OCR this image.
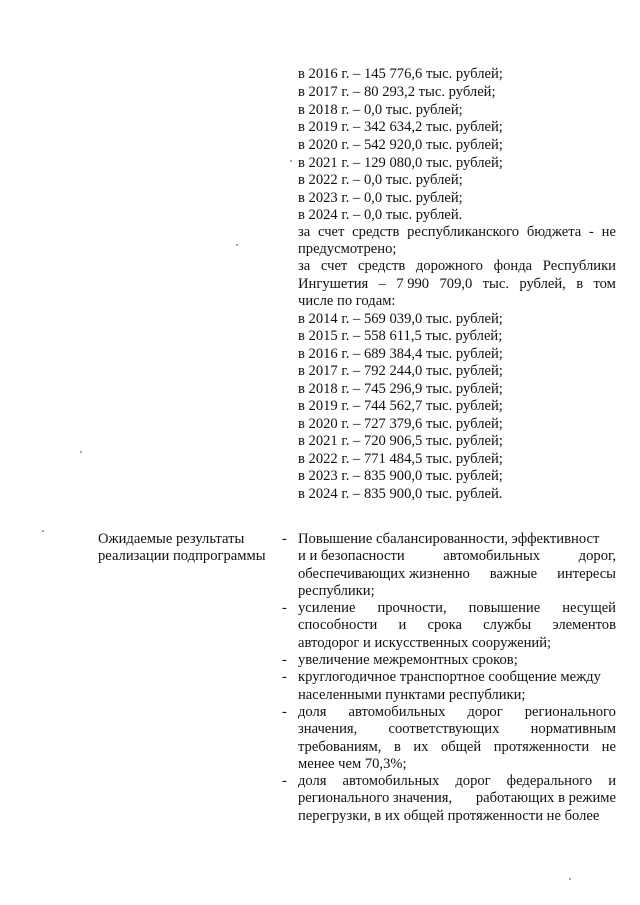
в 2016 г. – 145 776,6 тыс. рублей;
в 2017 г. – 80 293,2 тыс. рублей;
в 2018 г. – 0,0 тыс. рублей;
в 2019 г. – 342 634,2 тыс. рублей;
в 2020 г. – 542 920,0 тыс. рублей;
в 2021 г. – 129 080,0 тыс. рублей;
в 2022 г. – 0,0 тыс. рублей;
в 2023 г. – 0,0 тыс. рублей;
в 2024 г. – 0,0 тыс. рублей.
за счет средств республиканского бюджета - не
предусмотрено;
за счет средств дорожного фонда Республики
Ингушетия – 7 990 709,0 тыс. рублей, в том
числе по годам:
в 2014 г. – 569 039,0 тыс. рублей;
в 2015 г. – 558 611,5 тыс. рублей;
в 2016 г. – 689 384,4 тыс. рублей;
в 2017 г. – 792 244,0 тыс. рублей;
в 2018 г. – 745 296,9 тыс. рублей;
в 2019 г. – 744 562,7 тыс. рублей;
в 2020 г. – 727 379,6 тыс. рублей;
в 2021 г. – 720 906,5 тыс. рублей;
в 2022 г. – 771 484,5 тыс. рублей;
в 2023 г. – 835 900,0 тыс. рублей;
в 2024 г. – 835 900,0 тыс. рублей.
Ожидаемые результаты
реализации подпрограммы
-
-
-
-
-
-
Повышение сбалансированности, эффективност
и и безопасности	автомобильных	дорог,
обеспечивающих жизненно важные интересы
республики;
усиление прочности, повышение несущей
способности и срока службы элементов
автодорог и искусственных сооружений;
увеличение межремонтных сроков;
круглогодичное транспортное сообщение между
населенными пунктами республики;
доля автомобильных дорог регионального
значения, соответствующих нормативным
требованиям, в их общей протяженности не
менее чем 70,3%;
доля автомобильных дорог федерального и
регионального значения, работающих в режиме
перегрузки, в их общей протяженности не более
